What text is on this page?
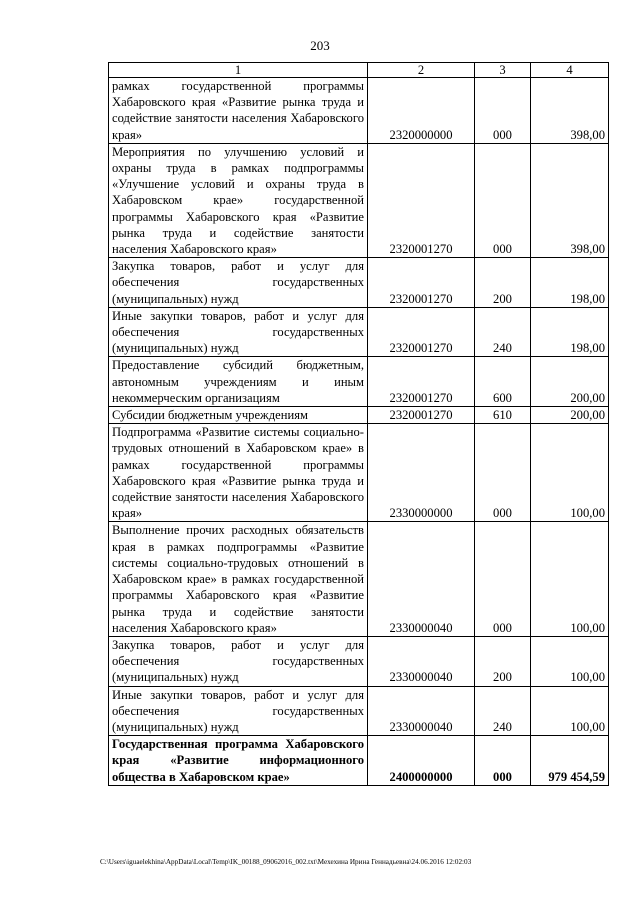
203
1	2	3	4
рамках государственной программы Хабаровского края «Развитие рынка труда и содействие занятости населения Хабаровского края»	2320000000	000	398,00
Мероприятия по улучшению условий и охраны труда в рамках подпрограммы «Улучшение условий и охраны труда в Хабаровском крае» государственной программы Хабаровского края «Развитие рынка труда и содействие занятости населения Хабаровского края»	2320001270	000	398,00
Закупка товаров, работ и услуг для обеспечения государственных (муниципальных) нужд	2320001270	200	198,00
Иные закупки товаров, работ и услуг для обеспечения государственных (муниципальных) нужд	2320001270	240	198,00
Предоставление субсидий бюджетным, автономным учреждениям и иным некоммерческим организациям	2320001270	600	200,00
Субсидии бюджетным учреждениям	2320001270	610	200,00
Подпрограмма «Развитие системы социально-трудовых отношений в Хабаровском крае» в рамках государственной программы Хабаровского края «Развитие рынка труда и содействие занятости населения Хабаровского края»	2330000000	000	100,00
Выполнение прочих расходных обязательств края в рамках подпрограммы «Развитие системы социально-трудовых отношений в Хабаровском крае» в рамках государственной программы Хабаровского края «Развитие рынка труда и содействие занятости населения Хабаровского края»	2330000040	000	100,00
Закупка товаров, работ и услуг для обеспечения государственных (муниципальных) нужд	2330000040	200	100,00
Иные закупки товаров, работ и услуг для обеспечения государственных (муниципальных) нужд	2330000040	240	100,00
Государственная программа Хабаровского края «Развитие информационного общества в Хабаровском крае»	2400000000	000	979 454,59
C:\Users\iguaelekhina\AppData\Local\Temp\IK_00188_09062016_002.txt\Мехехина Ирина Геннадьевна\24.06.2016 12:02:03
